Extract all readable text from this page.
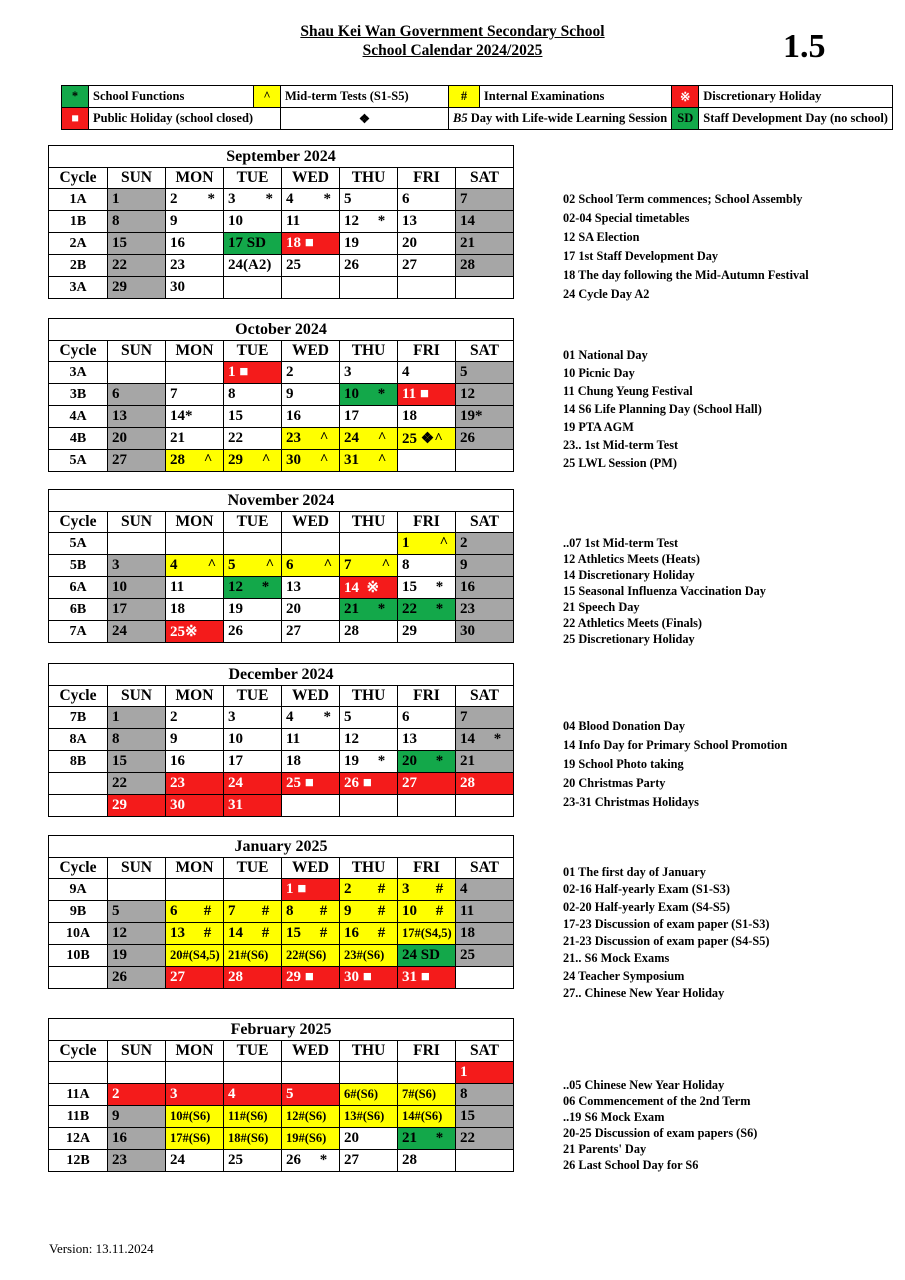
Shau Kei Wan Government Secondary School
School Calendar 2024/2025	1.5
*	School Functions	^	Mid-term Tests (S1-S5)	#	Internal Examinations	※	Discretionary Holiday
■	Public Holiday (school closed)		❖	B5 Day with Life-wide Learning Session		SD	Staff Development Day (no school)
September 2024							
Cycle	SUN	MON	TUE	WED	THU	FRI	SAT
1A	1	2        *	3        *	4        *	5	6	7
1B	8	9	10	11	12     *	13	14
2A	15	16	17 SD	18 ■	19	20	21
2B	22	23	24(A2)	25	26	27	28
3A	29	30					
02 School Term commences; School Assembly
02-04 Special timetables
12 SA Election
17 1st Staff Development Day
18 The day following the Mid-Autumn Festival
24 Cycle Day A2
October 2024							
Cycle	SUN	MON	TUE	WED	THU	FRI	SAT
3A			1 ■	2	3	4	5
3B	6	7	8	9	10     *	11 ■	12
4A	13	14*	15	16	17	18	19*
4B	20	21	22	23     ^	24     ^	25 ❖^	26
5A	27	28     ^	29     ^	30     ^	31     ^		
01 National Day
10 Picnic Day
11 Chung Yeung Festival
14 S6 Life Planning Day (School Hall)
19 PTA AGM
23.. 1st Mid-term Test
25 LWL Session (PM)
November 2024							
Cycle	SUN	MON	TUE	WED	THU	FRI	SAT
5A						1        ^	2
5B	3	4        ^	5        ^	6        ^	7        ^	8	9
6A	10	11	12     *	13	14  ※	15     *	16
6B	17	18	19	20	21     *	22     *	23
7A	24	25※	26	27	28	29	30
..07 1st Mid-term Test
12 Athletics Meets (Heats)
14 Discretionary Holiday
15 Seasonal Influenza Vaccination Day
21 Speech Day
22 Athletics Meets (Finals)
25 Discretionary Holiday
December 2024							
Cycle	SUN	MON	TUE	WED	THU	FRI	SAT
7B	1	2	3	4        *	5	6	7
8A	8	9	10	11	12	13	14     *
8B	15	16	17	18	19     *	20     *	21
	22	23	24	25 ■	26 ■	27	28
	29	30	31				
04 Blood Donation Day
14 Info Day for Primary School Promotion
19 School Photo taking
20 Christmas Party
23-31 Christmas Holidays
January 2025							
Cycle	SUN	MON	TUE	WED	THU	FRI	SAT
9A				1 ■	2       #	3       #	4
9B	5	6       #	7       #	8       #	9       #	10     #	11
10A	12	13     #	14     #	15     #	16     #	17#(S4,5)	18
10B	19	20#(S4,5)	21#(S6)	22#(S6)	23#(S6)	24 SD	25
	26	27	28	29 ■	30 ■	31 ■	
01 The first day of January
02-16 Half-yearly Exam (S1-S3)
02-20 Half-yearly Exam (S4-S5)
17-23 Discussion of exam paper (S1-S3)
21-23 Discussion of exam paper (S4-S5)
21.. S6 Mock Exams
24 Teacher Symposium
27.. Chinese New Year Holiday
February 2025							
Cycle	SUN	MON	TUE	WED	THU	FRI	SAT
							1
11A	2	3	4	5	6#(S6)	7#(S6)	8
11B	9	10#(S6)	11#(S6)	12#(S6)	13#(S6)	14#(S6)	15
12A	16	17#(S6)	18#(S6)	19#(S6)	20	21     *	22
12B	23	24	25	26     *	27	28	
..05 Chinese New Year Holiday
06 Commencement of the 2nd Term
..19 S6 Mock Exam
20-25 Discussion of exam papers (S6)
21 Parents' Day
26 Last School Day for S6
Version: 13.11.2024
